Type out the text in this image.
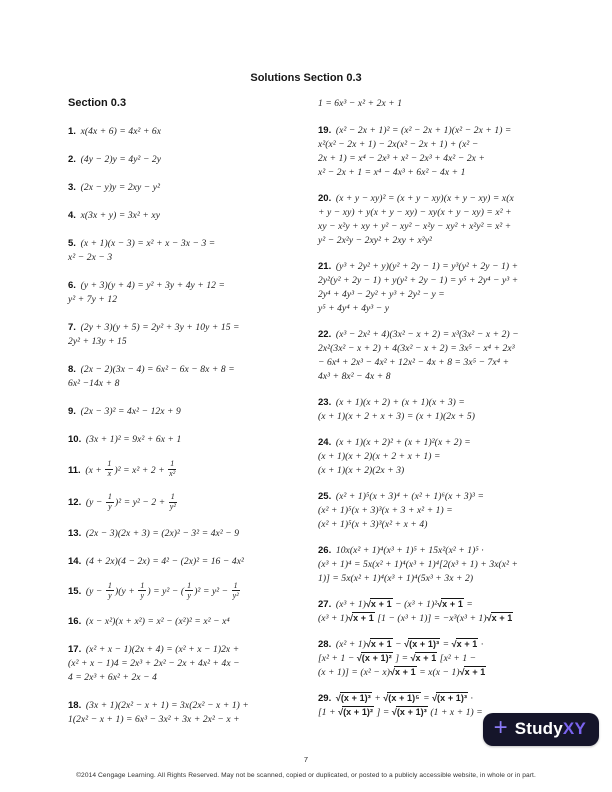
Solutions Section 0.3
Section 0.3
1. x(4x + 6) = 4x² + 6x
2. (4y − 2)y = 4y² − 2y
3. (2x − y)y = 2xy − y²
4. x(3x + y) = 3x² + xy
5. (x + 1)(x − 3) = x² + x − 3x − 3 =
x² − 2x − 3
6. (y + 3)(y + 4) = y² + 3y + 4y + 12 =
y² + 7y + 12
7. (2y + 3)(y + 5) = 2y² + 3y + 10y + 15 =
2y² + 13y + 15
8. (2x − 2)(3x − 4) = 6x² − 6x − 8x + 8 =
6x² −14x + 8
9. (2x − 3)² = 4x² − 12x + 9
10. (3x + 1)² = 9x² + 6x + 1
11. $(x + \frac{1}{x} )^2 = x^2 + 2 + \frac{1}{\text{x²}}$
12. $(y - \frac{1}{y} )^2 = y^2 - 2 + \frac{1}{\text{y²}}$
13. (2x − 3)(2x + 3) = (2x)² − 3² = 4x² − 9
14. (4 + 2x)(4 − 2x) = 4² − (2x)² = 16 − 4x²
15. $(y - \frac{1}{y} )(y + \frac{1}{y}$ ) = y² − ( $\frac{1}{y} )^2 = y^2 - \frac{1}{\text{y²}}$
16. (x − x²)(x + x²) = x² − (x²)² = x² − x⁴
17. (x² + x − 1)(2x + 4) = (x² + x − 1)2x +
(x² + x − 1)4 = 2x³ + 2x² − 2x + 4x² + 4x −
4 = 2x³ + 6x² + 2x − 4
18. (3x + 1)(2x² − x + 1) = 3x(2x² − x + 1) +
1(2x² − x + 1) = 6x³ − 3x² + 3x + 2x² − x +
1 = 6x³ − x² + 2x + 1
19. (x² − 2x + 1)² = (x² − 2x + 1)(x² − 2x + 1) =
x²(x² − 2x + 1) − 2x(x² − 2x + 1) + (x² −
2x + 1) = x⁴ − 2x³ + x² − 2x³ + 4x² − 2x +
x² − 2x + 1 = x⁴ − 4x³ + 6x² − 4x + 1
20. (x + y − xy)² = (x + y − xy)(x + y − xy) = x(x
+ y − xy) + y(x + y − xy) − xy(x + y − xy) = x² +
xy − x²y + xy + y² − xy² − x²y − xy² + x²y² = x² +
y² − 2x²y − 2xy² + 2xy + x²y²
21. (y³ + 2y² + y)(y² + 2y − 1) = y³(y² + 2y − 1) +
2y²(y² + 2y − 1) + y(y² + 2y − 1) = y⁵ + 2y⁴ − y³ +
2y⁴ + 4y³ − 2y² + y³ + 2y² − y =
y⁵ + 4y⁴ + 4y³ − y
22. (x³ − 2x² + 4)(3x² − x + 2) = x³(3x² − x + 2) −
2x²(3x² − x + 2) + 4(3x² − x + 2) = 3x⁵ − x⁴ + 2x³
− 6x⁴ + 2x³ − 4x² + 12x² − 4x + 8 = 3x⁵ − 7x⁴ +
4x³ + 8x² − 4x + 8
23. (x + 1)(x + 2) + (x + 1)(x + 3) =
(x + 1)(x + 2 + x + 3) = (x + 1)(2x + 5)
24. (x + 1)(x + 2)² + (x + 1)²(x + 2) =
(x + 1)(x + 2)(x + 2 + x + 1) =
(x + 1)(x + 2)(2x + 3)
25. (x² + 1)⁵(x + 3)⁴ + (x² + 1)⁶(x + 3)³ =
(x² + 1)⁵(x + 3)³(x + 3 + x² + 1) =
(x² + 1)⁵(x + 3)³(x² + x + 4)
26. 10x(x² + 1)⁴(x³ + 1)⁵ + 15x²(x² + 1)⁵ ·
(x³ + 1)⁴ = 5x(x² + 1)⁴(x³ + 1)⁴[2(x³ + 1) + 3x(x² +
1)] = 5x(x² + 1)⁴(x³ + 1)⁴(5x³ + 3x + 2)
27. (x³ + 1)√x + 1 − (x³ + 1)²√x + 1 =
(x³ + 1)√x + 1 [1 − (x³ + 1)] = −x³(x³ + 1)√x + 1
28. (x² + 1)√x + 1 − √(x + 1)³ = √x + 1 ·
[x² + 1 − √(x + 1)² ] = √x + 1 [x² + 1 −
(x + 1)] = (x² − x)√x + 1 = x(x − 1)√x + 1
29. √(x + 1)³ + √(x + 1)⁵ = √(x + 1)³ ·
[1 + √(x + 1)² ] = √(x + 1)³ (1 + x + 1) =
7
©2014 Cengage Learning. All Rights Reserved. May not be scanned, copied or duplicated, or posted to a publicly accessible website, in whole or in part.
+ StudyXY
